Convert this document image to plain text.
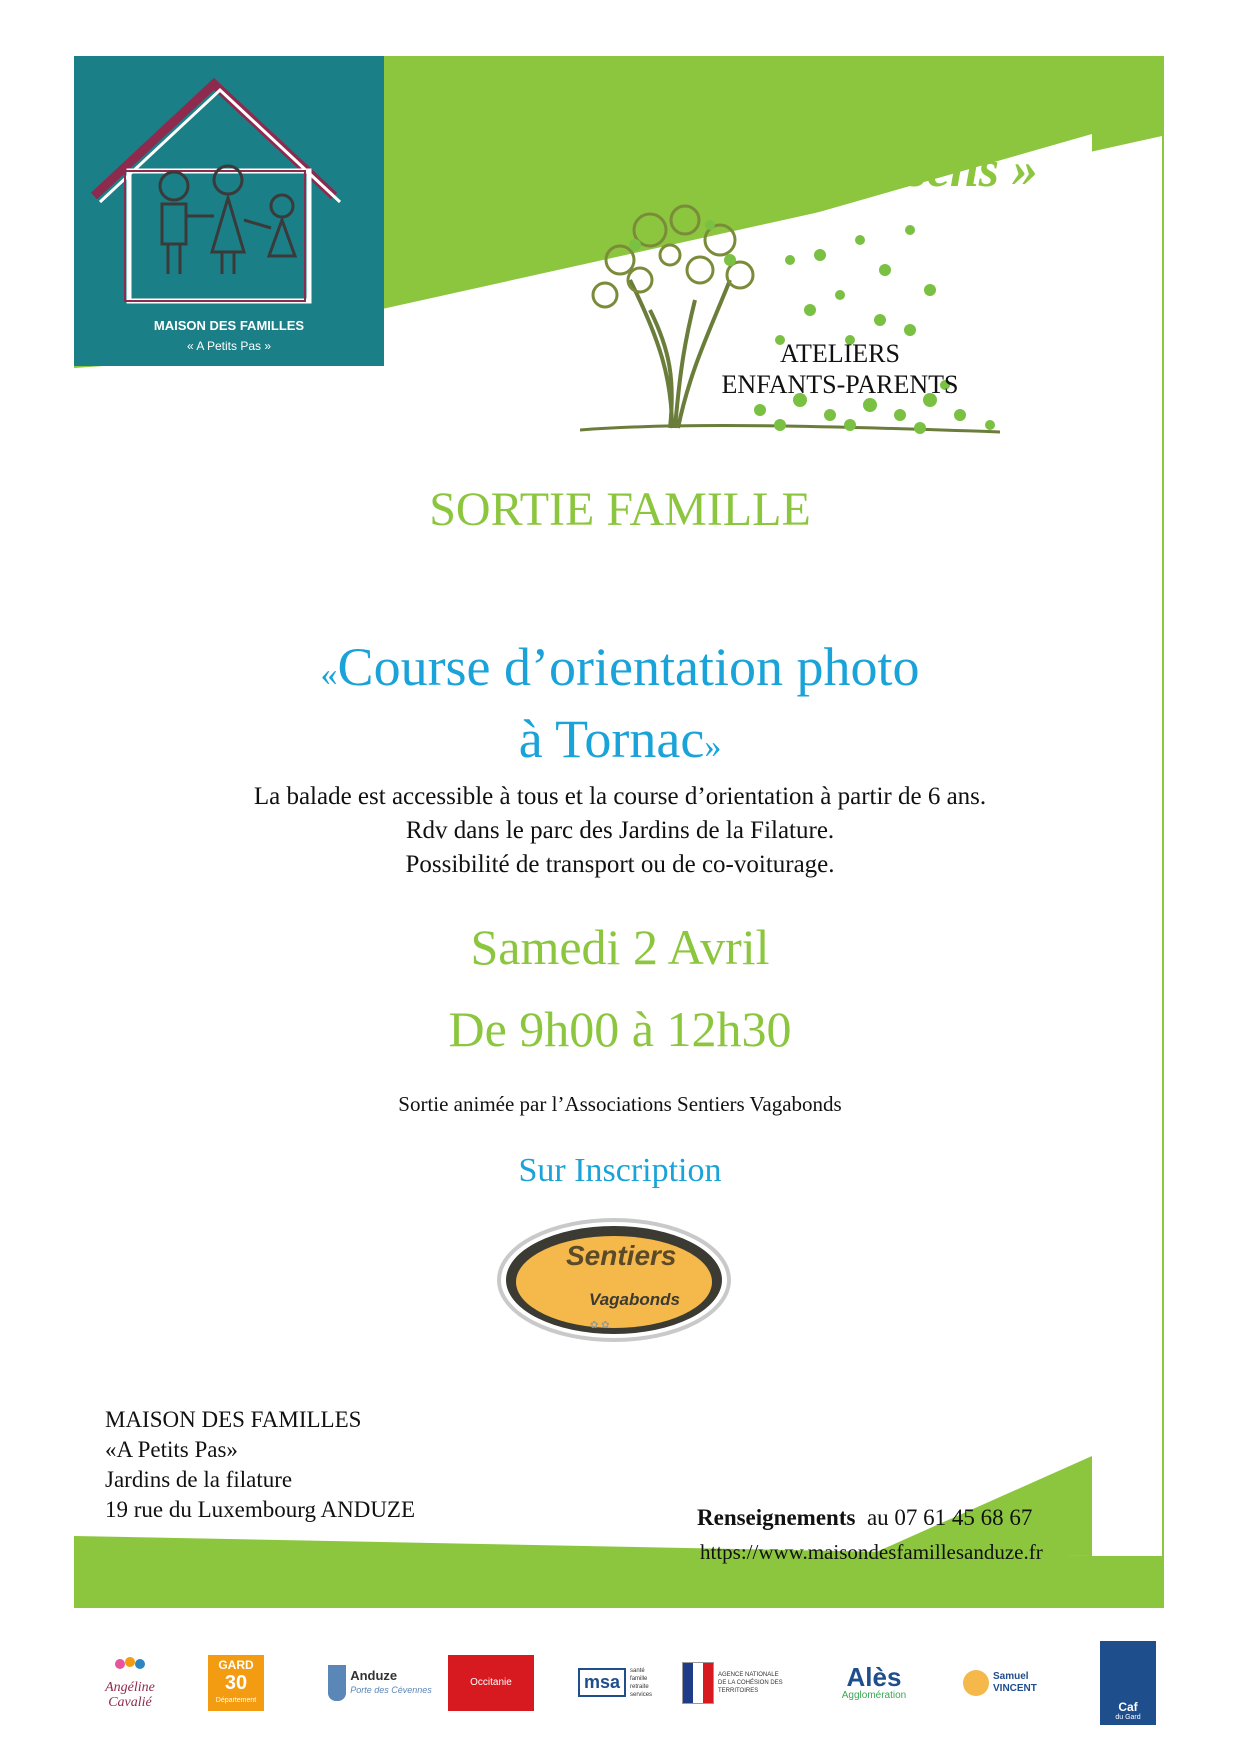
MAISON DES FAMILLES
« A Petits Pas »
« Graines de sens »
ATELIERS
ENFANTS-PARENTS
SORTIE FAMILLE
«Course d’orientation photo
à Tornac»
La balade est accessible à tous et la course d’orientation à partir de 6 ans.
Rdv dans le parc des Jardins de la Filature.
Possibilité de transport ou de co-voiturage.
Samedi 2 Avril
De 9h00 à 12h30
Sortie animée par l’Associations Sentiers Vagabonds
Sur Inscription
✿ ✿
Sentiers
Vagabonds
MAISON DES FAMILLES
«A Petits Pas»
Jardins de la filature
19 rue du Luxembourg ANDUZE	Renseignements au 07 61 45 68 67
https://www.maisondesfamillesanduze.fr
Angéline Cavalié
GARD
30
Département
Anduze
Porte des Cévennes
Occitanie	msa
santé famille retraite services
AGENCE NATIONALE DE LA COHÉSION DES TERRITOIRES	Alès
Agglomération
Samuel VINCENT
Caf
du Gard
